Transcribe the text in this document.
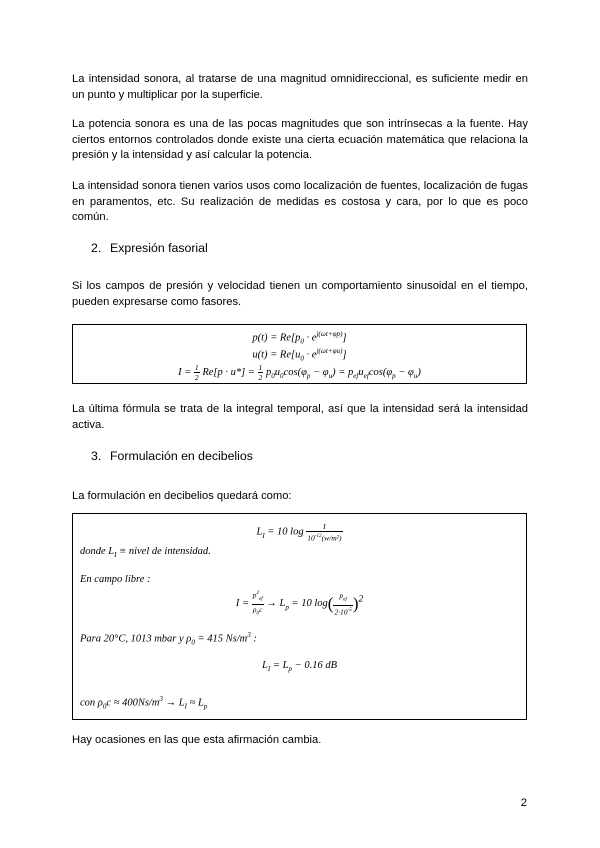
La intensidad sonora, al tratarse de una magnitud omnidireccional, es suficiente medir en un punto y multiplicar por la superficie.

La potencia sonora es una de las pocas magnitudes que son intrínsecas a la fuente. Hay ciertos entornos controlados donde existe una cierta ecuación matemática que relaciona la presión y la intensidad y así calcular la potencia.

La intensidad sonora tienen varios usos como localización de fuentes, localización de fugas en paramentos, etc. Su realización de medidas es costosa y cara, por lo que es poco común.

2. Expresión fasorial

Si los campos de presión y velocidad tienen un comportamiento sinusoidal en el tiempo, pueden expresarse como fasores.

$p(t) = Re[p_0 \cdot e^{j(\omega t+\varphi p)}]$
$u(t) = Re[u_0 \cdot e^{j(\omega t+\varphi u)}]$
$I = \frac{1}{2} Re[p \cdot u*] = \frac{1}{2} p_0u_0\cos(\varphi_p - \varphi_u) = p_{ef}u_{ef}\cos(\varphi_p - \varphi_u)$

La última fórmula se trata de la integral temporal, así que la intensidad será la intensidad activa.

3. Formulación en decibelios

La formulación en decibelios quedará como:

$L_I = 10$ $\log \frac{I}{10^{-12}(w/m^2)}$
donde $L_I$ ≡ nivel de intensidad.
En campo libre :
$I = \frac{p^2_{ef}}{\rho_0c} \to L_p = 10$ $\log( \frac{p_{ef}}{2\cdot 10^{-5}} )^2$
Para 20°C, 1013 mbar y $\rho_0 = 415$ $Ns/m^3$ :
$L_I = L_p - 0.16$ dB
con $\rho_0c \approx 400Ns/m^3 \to L_I \approx L_p$

Hay ocasiones en las que esta afirmación cambia.

2
